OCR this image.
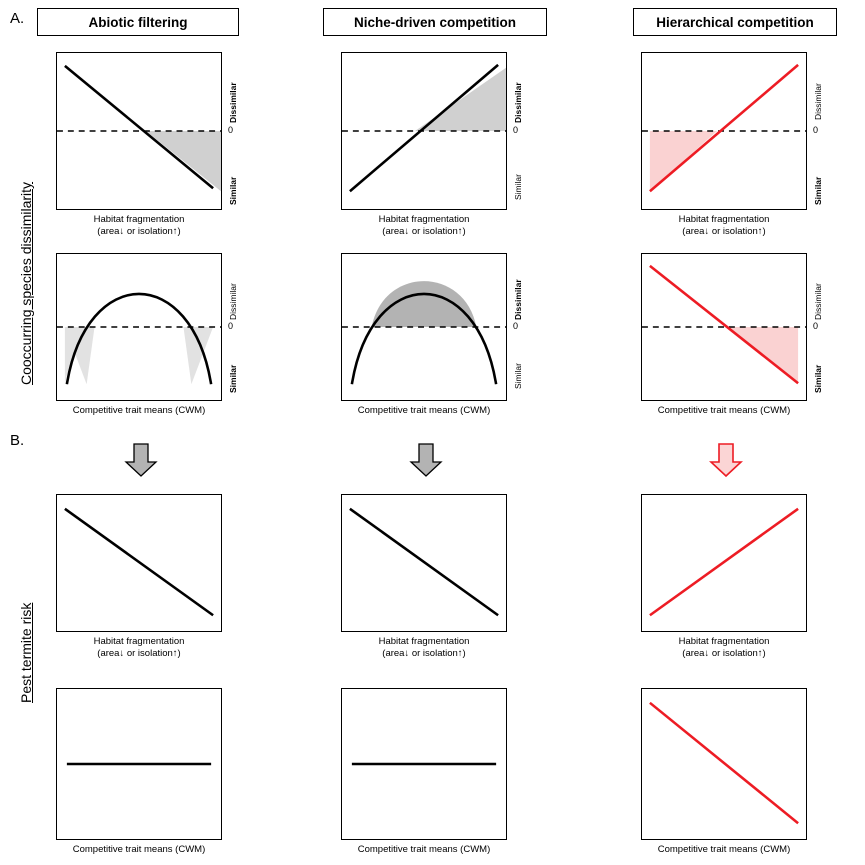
A.
B.
Abiotic filtering	Niche-driven competition	Hierarchical competition
Cooccurring species dissimilarity
Pest termite risk
Dissimilar
0
Similar
Habitat fragmentation
(area↓ or isolation↑)
Dissimilar
0
Similar
Habitat fragmentation
(area↓ or isolation↑)
Dissimilar
0
Similar
Habitat fragmentation
(area↓ or isolation↑)
Dissimilar
0
Similar
Competitive trait means (CWM)
Dissimilar
0
Similar
Competitive trait means (CWM)
Dissimilar
0
Similar
Competitive trait means (CWM)
Habitat fragmentation
(area↓ or isolation↑)
Habitat fragmentation
(area↓ or isolation↑)
Habitat fragmentation
(area↓ or isolation↑)
Competitive trait means (CWM)	Competitive trait means (CWM)	Competitive trait means (CWM)
